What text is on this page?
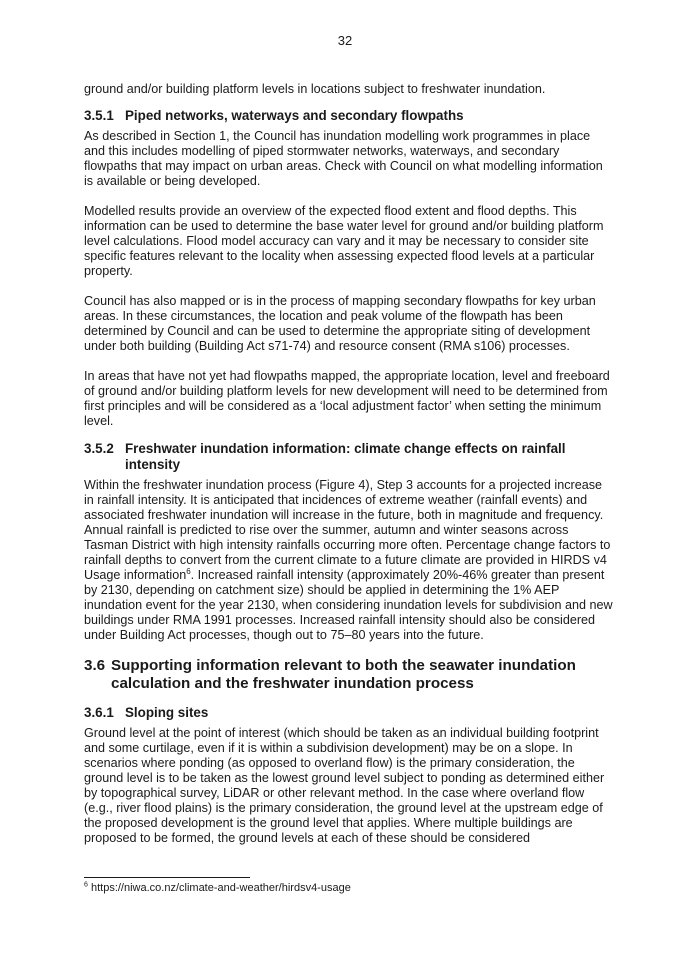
32

ground and/or building platform levels in locations subject to freshwater inundation.

3.5.1 Piped networks, waterways and secondary flowpaths

As described in Section 1, the Council has inundation modelling work programmes in place and this includes modelling of piped stormwater networks, waterways, and secondary flowpaths that may impact on urban areas. Check with Council on what modelling information is available or being developed.

Modelled results provide an overview of the expected flood extent and flood depths. This information can be used to determine the base water level for ground and/or building platform level calculations. Flood model accuracy can vary and it may be necessary to consider site specific features relevant to the locality when assessing expected flood levels at a particular property.

Council has also mapped or is in the process of mapping secondary flowpaths for key urban areas. In these circumstances, the location and peak volume of the flowpath has been determined by Council and can be used to determine the appropriate siting of development under both building (Building Act s71-74) and resource consent (RMA s106) processes.

In areas that have not yet had flowpaths mapped, the appropriate location, level and freeboard of ground and/or building platform levels for new development will need to be determined from first principles and will be considered as a ‘local adjustment factor’ when setting the minimum level.

3.5.2 Freshwater inundation information: climate change effects on rainfall intensity

Within the freshwater inundation process (Figure 4), Step 3 accounts for a projected increase in rainfall intensity. It is anticipated that incidences of extreme weather (rainfall events) and associated freshwater inundation will increase in the future, both in magnitude and frequency. Annual rainfall is predicted to rise over the summer, autumn and winter seasons across Tasman District with high intensity rainfalls occurring more often. Percentage change factors to rainfall depths to convert from the current climate to a future climate are provided in HIRDS v4 Usage information$^6$. Increased rainfall intensity (approximately 20%-46% greater than present by 2130, depending on catchment size) should be applied in determining the 1% AEP inundation event for the year 2130, when considering inundation levels for subdivision and new buildings under RMA 1991 processes. Increased rainfall intensity should also be considered under Building Act processes, though out to 75–80 years into the future.

3.6 Supporting information relevant to both the seawater inundation calculation and the freshwater inundation process
3.6.1 Sloping sites

Ground level at the point of interest (which should be taken as an individual building footprint and some curtilage, even if it is within a subdivision development) may be on a slope. In scenarios where ponding (as opposed to overland flow) is the primary consideration, the ground level is to be taken as the lowest ground level subject to ponding as determined either by topographical survey, LiDAR or other relevant method. In the case where overland flow (e.g., river flood plains) is the primary consideration, the ground level at the upstream edge of the proposed development is the ground level that applies. Where multiple buildings are proposed to be formed, the ground levels at each of these should be considered

$^6$ https://niwa.co.nz/climate-and-weather/hirdsv4-usage
